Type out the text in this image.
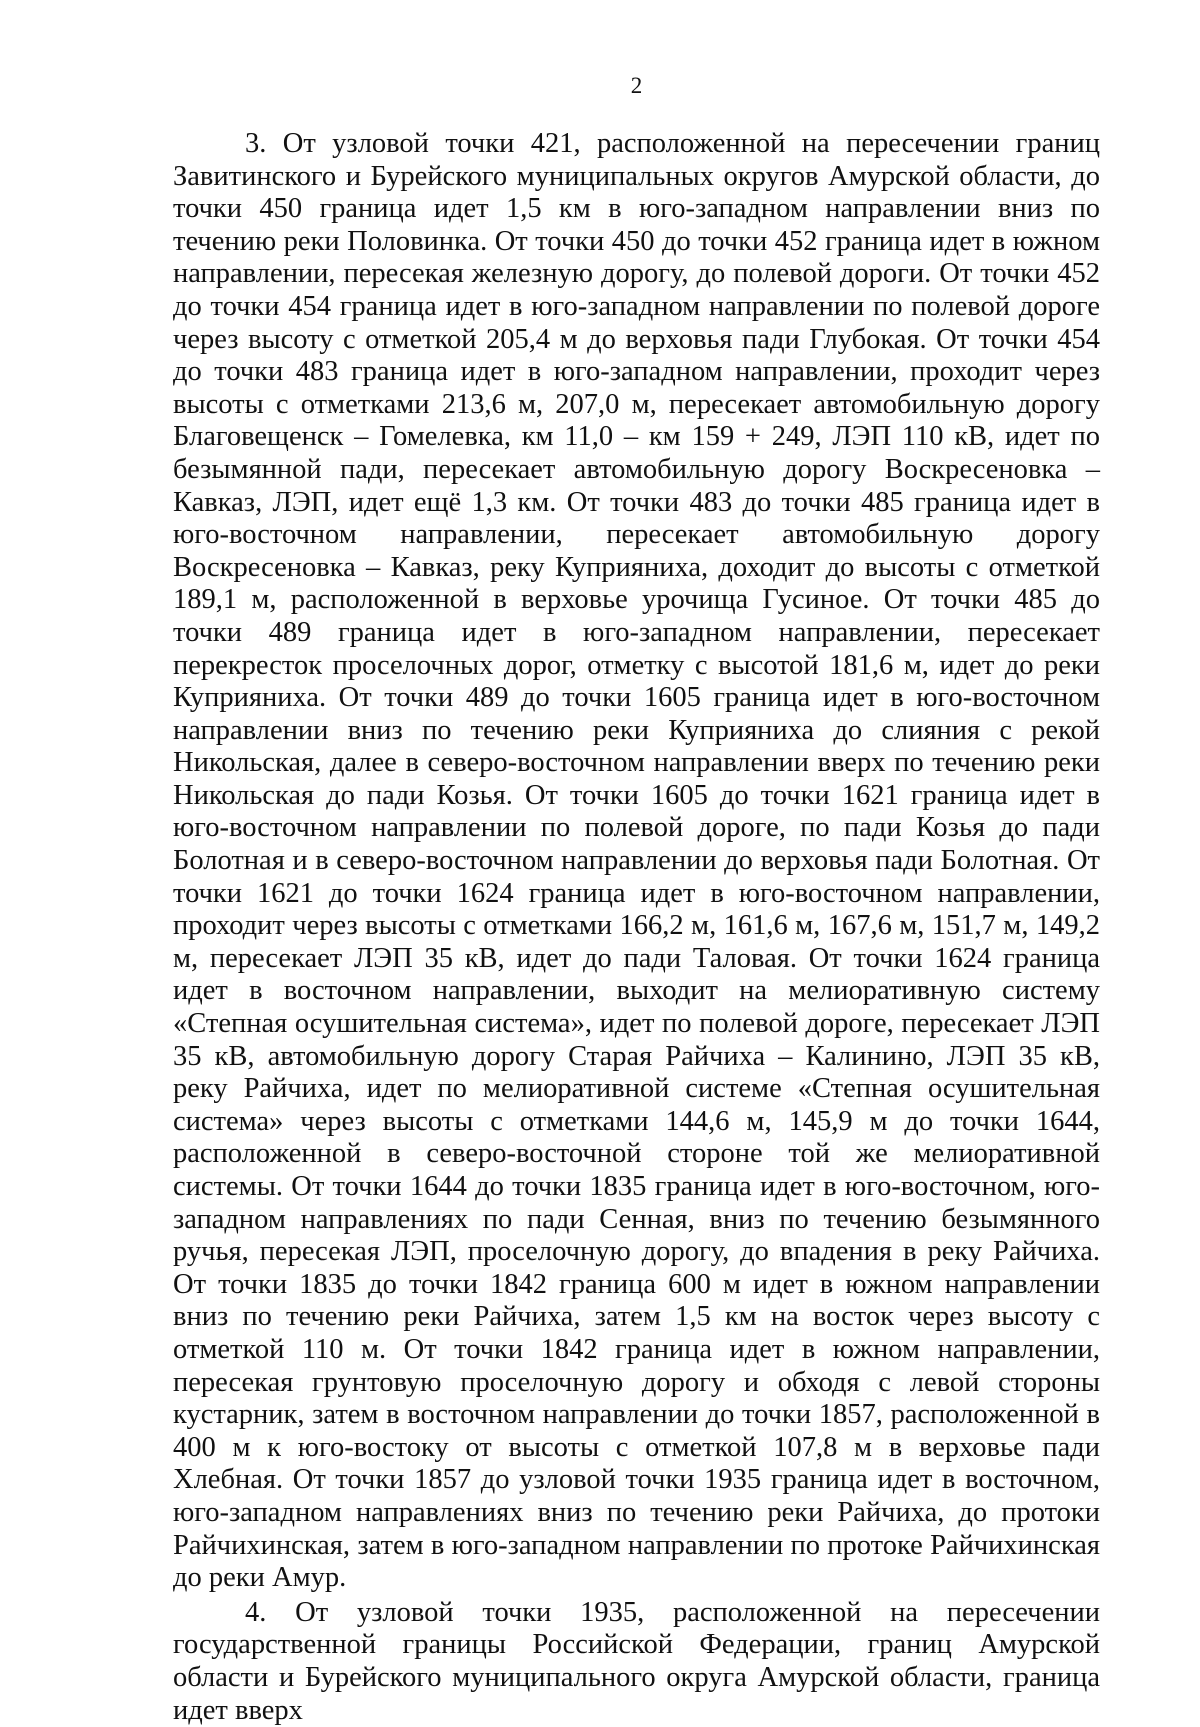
2

3. От узловой точки 421, расположенной на пересечении границ Завитинского и Бурейского муниципальных округов Амурской области, до точки 450 граница идет 1,5 км в юго-западном направлении вниз по течению реки Половинка. От точки 450 до точки 452 граница идет в южном направлении, пересекая железную дорогу, до полевой дороги. От точки 452 до точки 454 граница идет в юго-западном направлении по полевой дороге через высоту с отметкой 205,4 м до верховья пади Глубокая. От точки 454 до точки 483 граница идет в юго-западном направлении, проходит через высоты с отметками 213,6 м, 207,0 м, пересекает автомобильную дорогу Благовещенск – Гомелевка, км 11,0 – км 159 + 249, ЛЭП 110 кВ, идет по безымянной пади, пересекает автомобильную дорогу Воскресеновка – Кавказ, ЛЭП, идет ещё 1,3 км. От точки 483 до точки 485 граница идет в юго-восточном направлении, пересекает автомобильную дорогу Воскресеновка – Кавказ, реку Куприяниха, доходит до высоты с отметкой 189,1 м, расположенной в верховье урочища Гусиное. От точки 485 до точки 489 граница идет в юго-западном направлении, пересекает перекресток проселочных дорог, отметку с высотой 181,6 м, идет до реки Куприяниха. От точки 489 до точки 1605 граница идет в юго-восточном направлении вниз по течению реки Куприяниха до слияния с рекой Никольская, далее в северо-восточном направлении вверх по течению реки Никольская до пади Козья. От точки 1605 до точки 1621 граница идет в юго-восточном направлении по полевой дороге, по пади Козья до пади Болотная и в северо-восточном направлении до верховья пади Болотная. От точки 1621 до точки 1624 граница идет в юго-восточном направлении, проходит через высоты с отметками 166,2 м, 161,6 м, 167,6 м, 151,7 м, 149,2 м, пересекает ЛЭП 35 кВ, идет до пади Таловая. От точки 1624 граница идет в восточном направлении, выходит на мелиоративную систему «Степная осушительная система», идет по полевой дороге, пересекает ЛЭП 35 кВ, автомобильную дорогу Старая Райчиха – Калинино, ЛЭП 35 кВ, реку Райчиха, идет по мелиоративной системе «Степная осушительная система» через высоты с отметками 144,6 м, 145,9 м до точки 1644, расположенной в северо-восточной стороне той же мелиоративной системы. От точки 1644 до точки 1835 граница идет в юго-восточном, юго-западном направлениях по пади Сенная, вниз по течению безымянного ручья, пересекая ЛЭП, проселочную дорогу, до впадения в реку Райчиха. От точки 1835 до точки 1842 граница 600 м идет в южном направлении вниз по течению реки Райчиха, затем 1,5 км на восток через высоту с отметкой 110 м. От точки 1842 граница идет в южном направлении, пересекая грунтовую проселочную дорогу и обходя с левой стороны кустарник, затем в восточном направлении до точки 1857, расположенной в 400 м к юго-востоку от высоты с отметкой 107,8 м в верховье пади Хлебная. От точки 1857 до узловой точки 1935 граница идет в восточном, юго-западном направлениях вниз по течению реки Райчиха, до протоки Райчихинская, затем в юго-западном направлении по протоке Райчихинская до реки Амур.

4. От узловой точки 1935, расположенной на пересечении государственной границы Российской Федерации, границ Амурской области и Бурейского муниципального округа Амурской области, граница идет вверх
